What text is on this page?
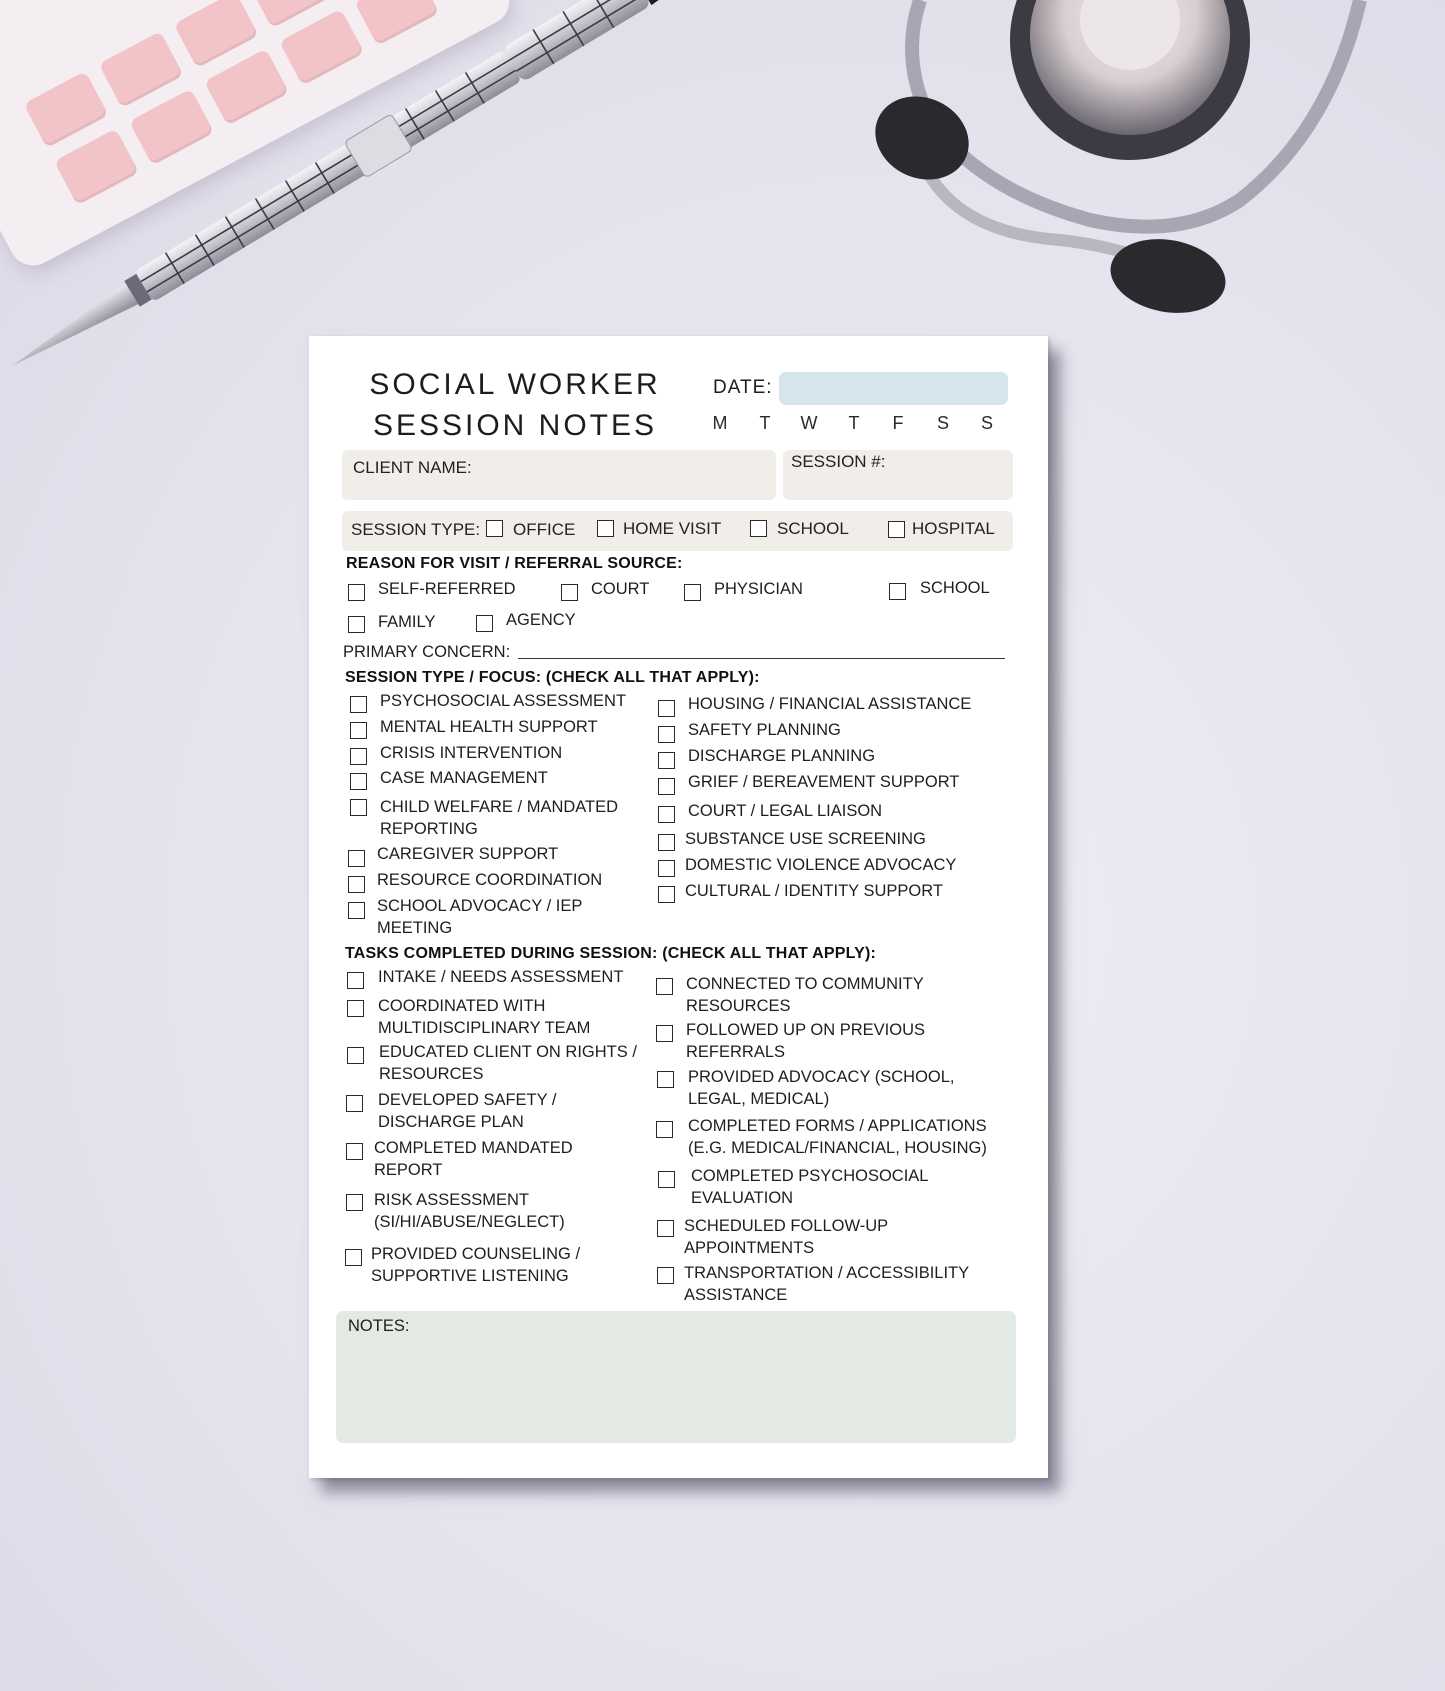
SOCIAL WORKER
SESSION NOTES
DATE:
M T W T F S S
CLIENT NAME:	SESSION #:
SESSION TYPE: OFFICE	HOME VISIT	SCHOOL	HOSPITAL
REASON FOR VISIT / REFERRAL SOURCE:
SELF-REFERRED	COURT	PHYSICIAN	SCHOOL
FAMILY	AGENCY
PRIMARY CONCERN:
SESSION TYPE / FOCUS: (CHECK ALL THAT APPLY):
PSYCHOSOCIAL ASSESSMENT
MENTAL HEALTH SUPPORT
CRISIS INTERVENTION
CASE MANAGEMENT
CHILD WELFARE / MANDATED REPORTING
CAREGIVER SUPPORT
RESOURCE COORDINATION
SCHOOL ADVOCACY / IEP MEETING
HOUSING / FINANCIAL ASSISTANCE
SAFETY PLANNING
DISCHARGE PLANNING
GRIEF / BEREAVEMENT SUPPORT
COURT / LEGAL LIAISON
SUBSTANCE USE SCREENING
DOMESTIC VIOLENCE ADVOCACY
CULTURAL / IDENTITY SUPPORT
TASKS COMPLETED DURING SESSION: (CHECK ALL THAT APPLY):
INTAKE / NEEDS ASSESSMENT
COORDINATED WITH MULTIDISCIPLINARY TEAM
EDUCATED CLIENT ON RIGHTS / RESOURCES
DEVELOPED SAFETY / DISCHARGE PLAN
COMPLETED MANDATED REPORT
RISK ASSESSMENT (SI/HI/ABUSE/NEGLECT)
PROVIDED COUNSELING / SUPPORTIVE LISTENING
CONNECTED TO COMMUNITY RESOURCES
FOLLOWED UP ON PREVIOUS REFERRALS
PROVIDED ADVOCACY (SCHOOL, LEGAL, MEDICAL)
COMPLETED FORMS / APPLICATIONS (E.G. MEDICAL/FINANCIAL, HOUSING)
COMPLETED PSYCHOSOCIAL EVALUATION
SCHEDULED FOLLOW-UP APPOINTMENTS
TRANSPORTATION / ACCESSIBILITY ASSISTANCE
NOTES:
